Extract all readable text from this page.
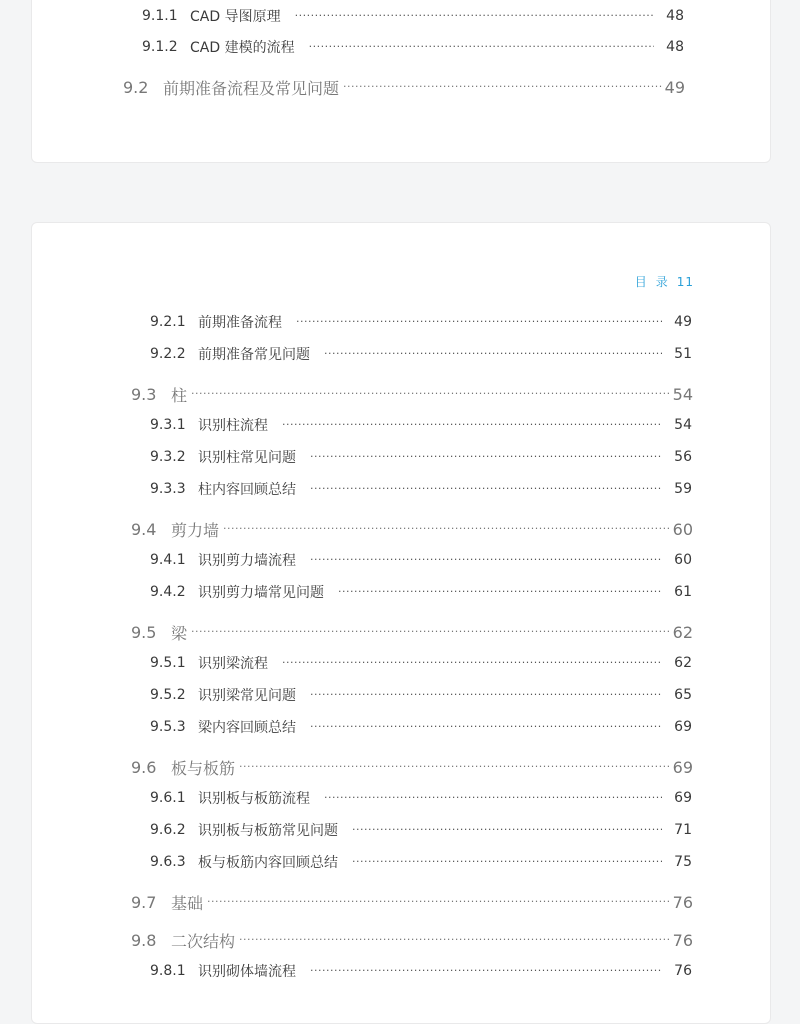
9.1.1 CAD 导图原理 ·····	48
9.1.2 CAD 建模的流程 ·····	48
9.2 前期准备流程及常见问题 ·····	49
目 录 11
9.2.1 前期准备流程 ·····	49
9.2.2 前期准备常见问题 ·····	51
9.3 柱 ·····	54
9.3.1 识别柱流程 ·····	54
9.3.2 识别柱常见问题 ·····	56
9.3.3 柱内容回顾总结 ·····	59
9.4 剪力墙 ·····	60
9.4.1 识别剪力墙流程 ·····	60
9.4.2 识别剪力墙常见问题 ·····	61
9.5 梁 ·····	62
9.5.1 识别梁流程 ·····	62
9.5.2 识别梁常见问题 ·····	65
9.5.3 梁内容回顾总结 ·····	69
9.6 板与板筋 ·····	69
9.6.1 识别板与板筋流程 ·····	69
9.6.2 识别板与板筋常见问题 ·····	71
9.6.3 板与板筋内容回顾总结 ·····	75
9.7 基础 ·····	76
9.8 二次结构 ·····	76
9.8.1 识别砌体墙流程 ·····	76
